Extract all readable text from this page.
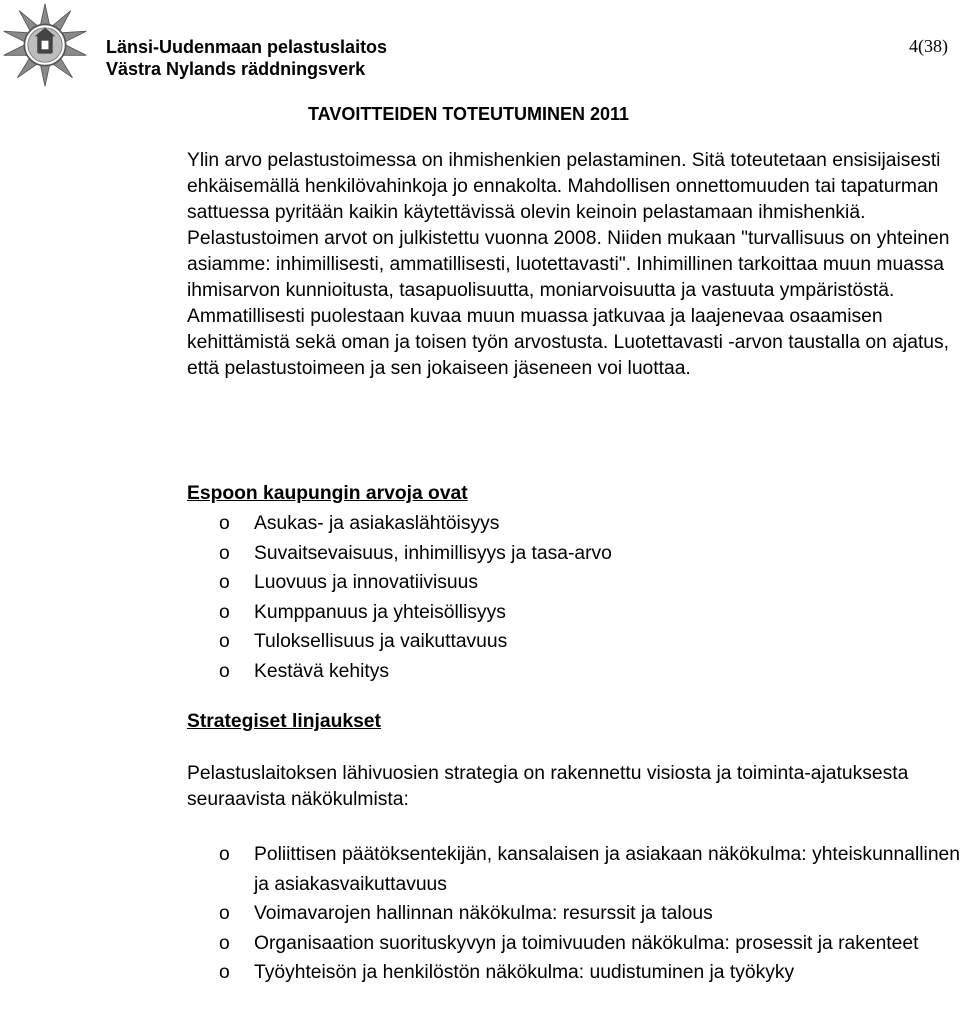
Länsi-Uudenmaan pelastuslaitos
Västra Nylands räddningsverk
4(38)
TAVOITTEIDEN TOTEUTUMINEN 2011

Ylin arvo pelastustoimessa on ihmishenkien pelastaminen. Sitä toteutetaan ensisijaisesti ehkäisemällä henkilövahinkoja jo ennakolta. Mahdollisen onnettomuuden tai tapaturman sattuessa pyritään kaikin käytettävissä olevin keinoin pelastamaan ihmishenkiä. Pelastustoimen arvot on julkistettu vuonna 2008. Niiden mukaan "turvallisuus on yhteinen asiamme: inhimillisesti, ammatillisesti, luotettavasti". Inhimillinen tarkoittaa muun muassa ihmisarvon kunnioitusta, tasapuolisuutta, moniarvoisuutta ja vastuuta ympäristöstä. Ammatillisesti puolestaan kuvaa muun muassa jatkuvaa ja laajenevaa osaamisen kehittämistä sekä oman ja toisen työn arvostusta. Luotettavasti -arvon taustalla on ajatus, että pelastustoimeen ja sen jokaiseen jäseneen voi luottaa.

Espoon kaupungin arvoja ovat
o Asukas- ja asiakaslähtöisyys
o Suvaitsevaisuus, inhimillisyys ja tasa-arvo
o Luovuus ja innovatiivisuus
o Kumppanuus ja yhteisöllisyys
o Tuloksellisuus ja vaikuttavuus
o Kestävä kehitys
Strategiset linjaukset
Pelastuslaitoksen lähivuosien strategia on rakennettu visiosta ja toiminta-ajatuksesta seuraavista näkökulmista:
o Poliittisen päätöksentekijän, kansalaisen ja asiakaan näkökulma: yhteiskunnallinen ja asiakasvaikuttavuus
o Voimavarojen hallinnan näkökulma: resurssit ja talous
o Organisaation suorituskyvyn ja toimivuuden näkökulma: prosessit ja rakenteet
o Työyhteisön ja henkilöstön näkökulma: uudistuminen ja työkyky
